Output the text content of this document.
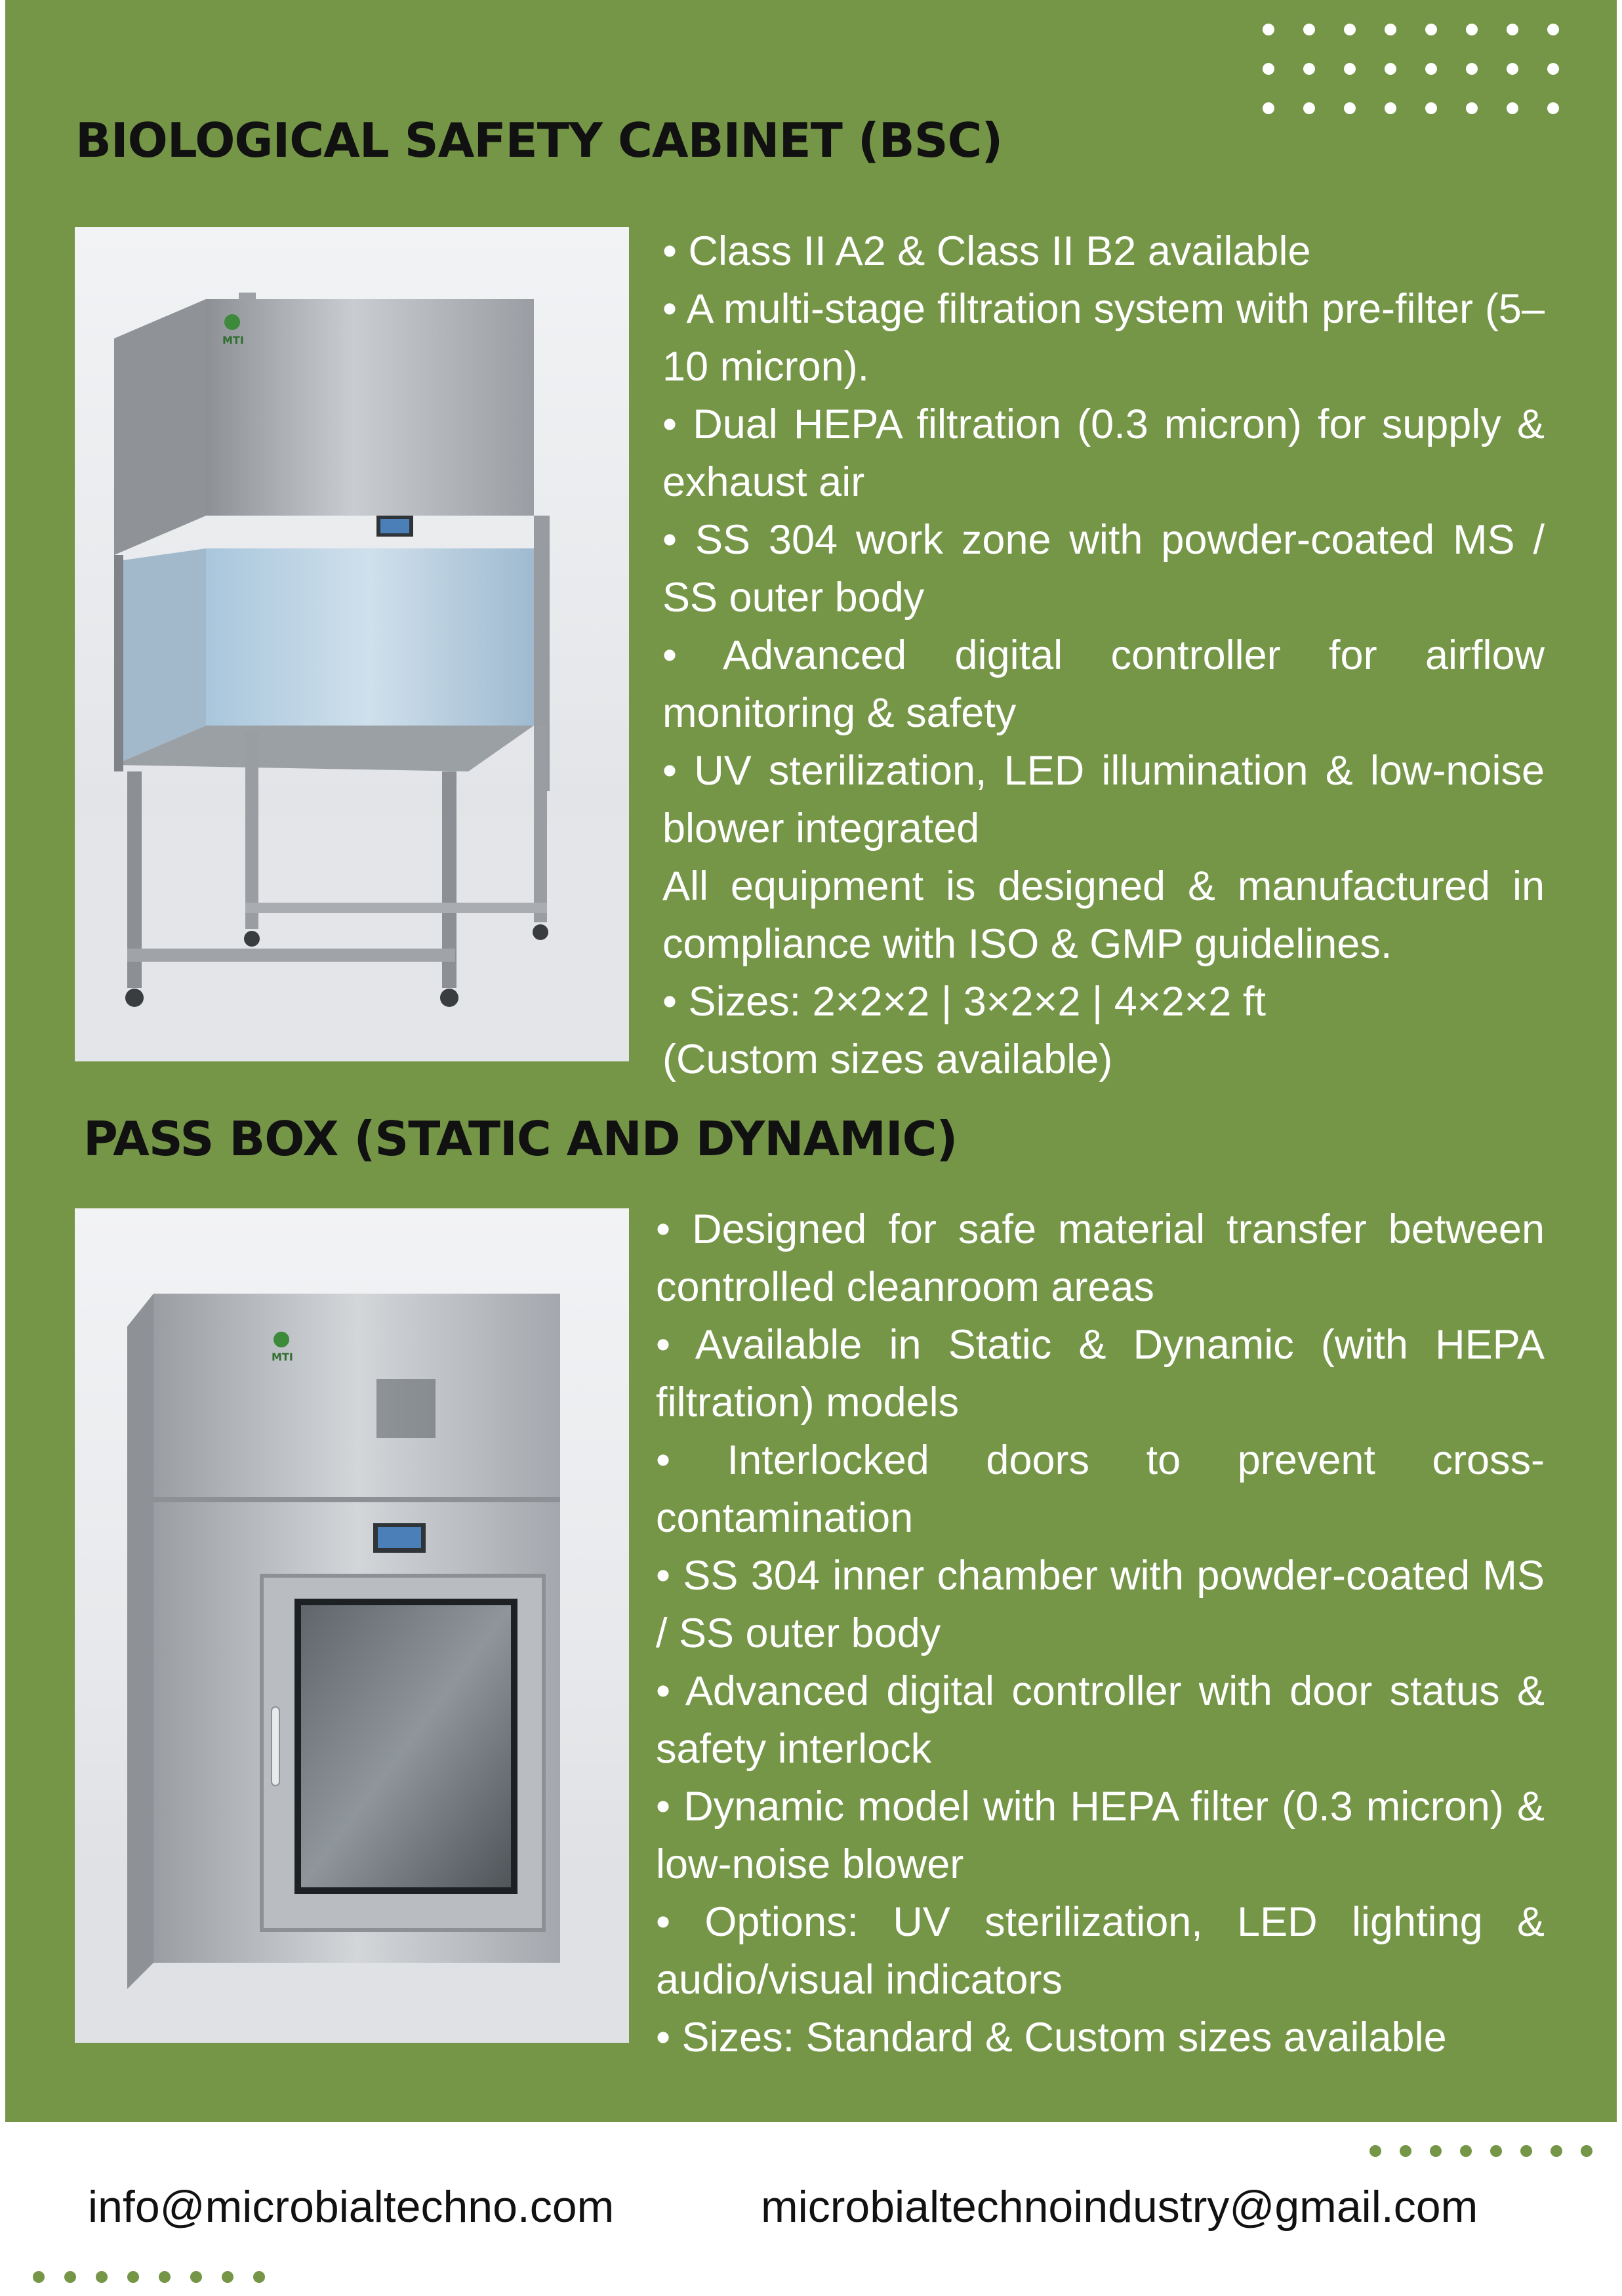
BIOLOGICAL SAFETY CABINET (BSC)
MTI

• Class II A2 & Class II B2 available

• A multi-stage filtration system with pre-filter (5–10 micron).

• Dual HEPA filtration (0.3 micron) for supply & exhaust air

• SS 304 work zone with powder-coated MS / SS outer body

• Advanced digital controller for airflow monitoring & safety

• UV sterilization, LED illumination & low-noise blower integrated

All equipment is designed & manufactured in compliance with ISO & GMP guidelines.

• Sizes: 2×2×2 | 3×2×2 | 4×2×2 ft

(Custom sizes available)

PASS BOX (STATIC AND DYNAMIC)
MTI

• Designed for safe material transfer between controlled cleanroom areas

• Available in Static & Dynamic (with HEPA filtration) models

• Interlocked doors to prevent cross-contamination

• SS 304 inner chamber with powder-coated MS / SS outer body

• Advanced digital controller with door status & safety interlock

• Dynamic model with HEPA filter (0.3 micron) & low-noise blower

• Options: UV sterilization, LED lighting & audio/visual indicators

• Sizes: Standard & Custom sizes available

info@microbialtechno.com	microbialtechnoindustry@gmail.com
